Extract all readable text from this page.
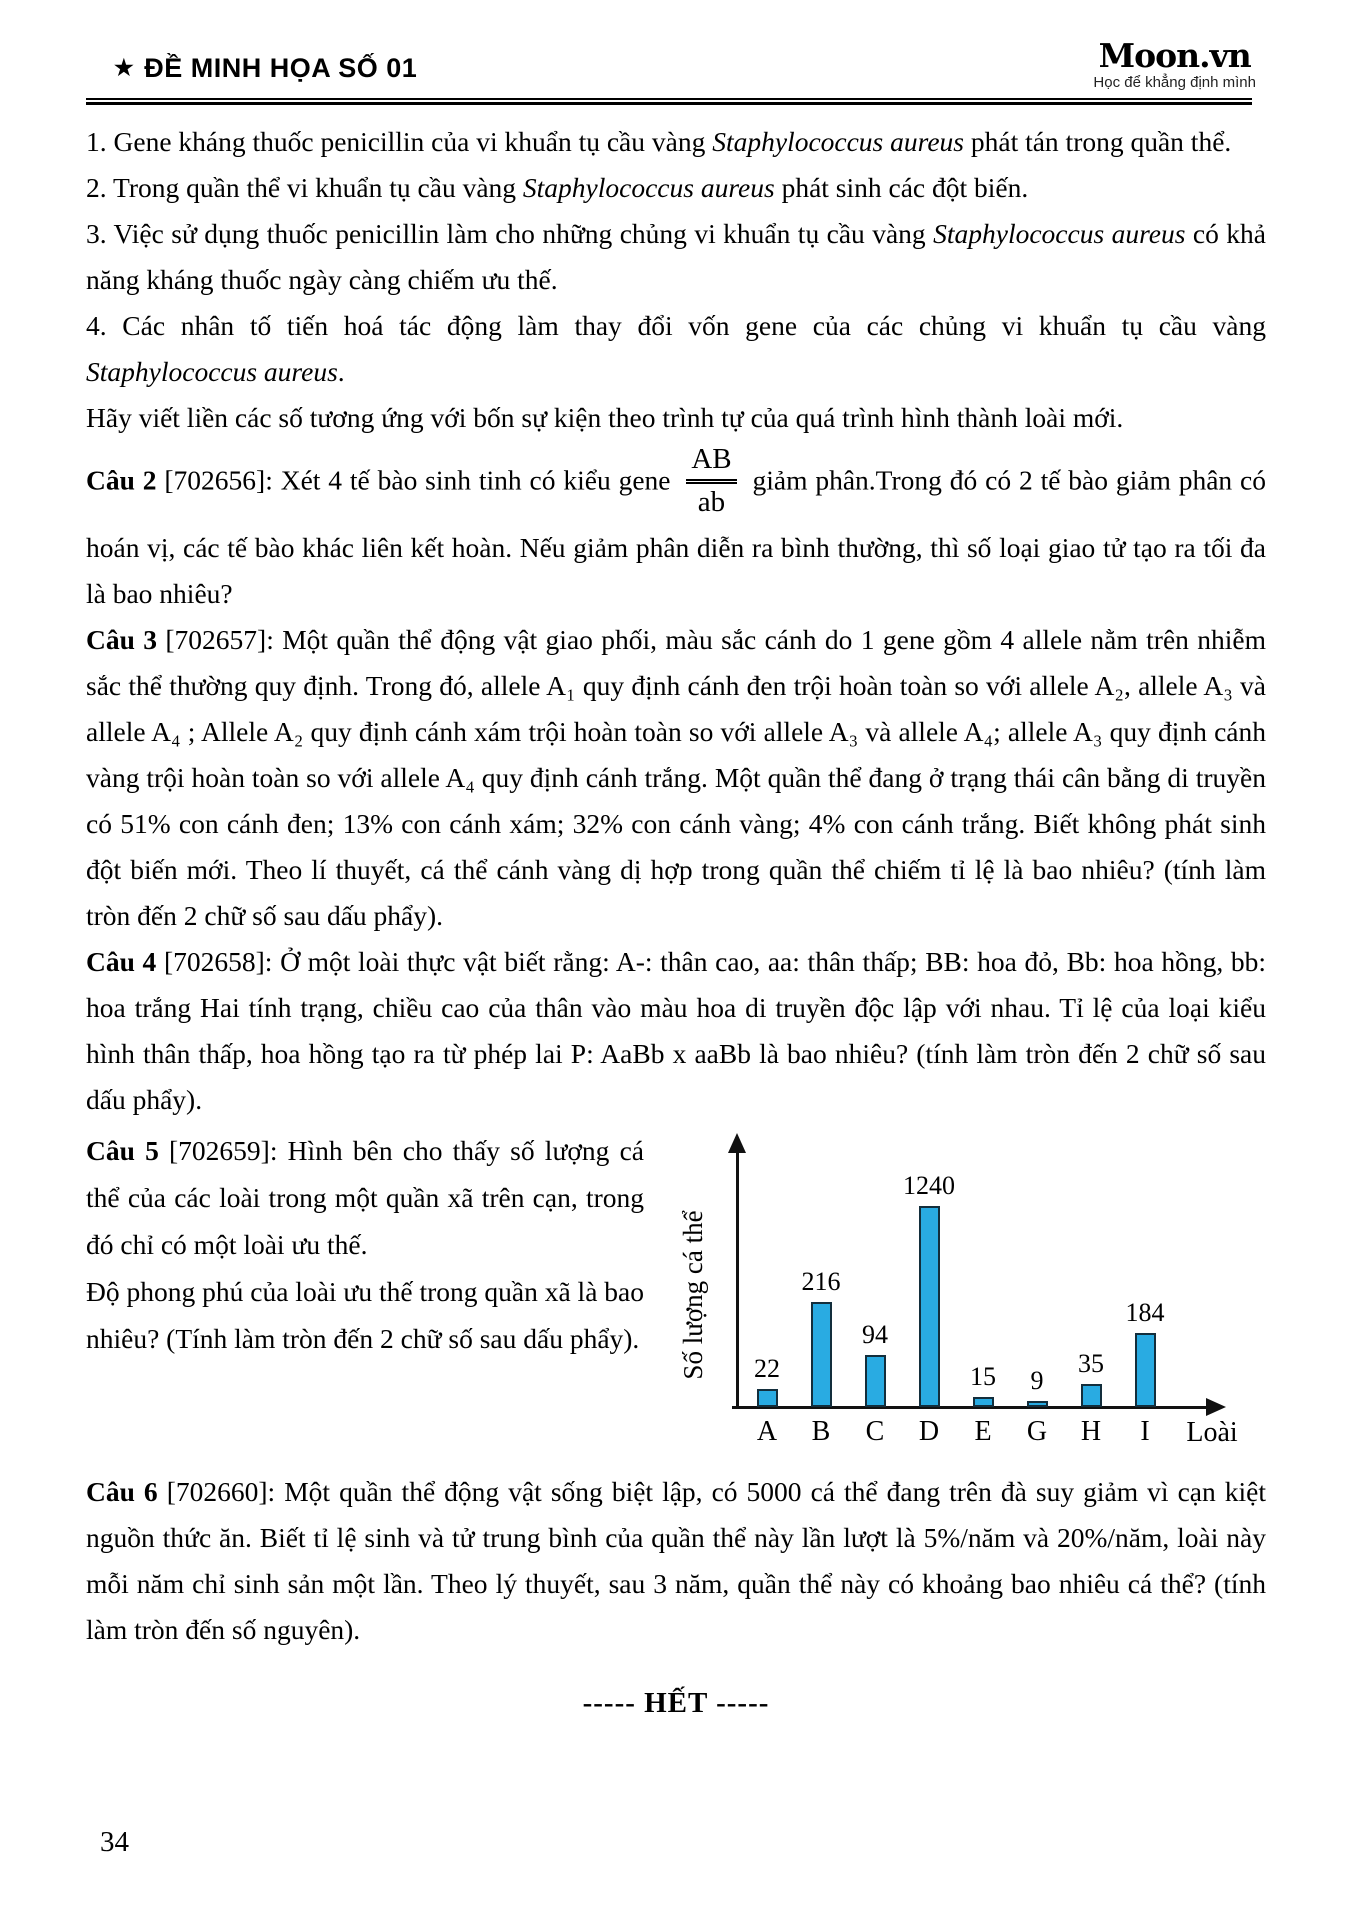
★ ĐỀ MINH HỌA SỐ 01	Moon.vn
Học để khẳng định mình

1. Gene kháng thuốc penicillin của vi khuẩn tụ cầu vàng Staphylococcus aureus phát tán trong quần thể.

2. Trong quần thể vi khuẩn tụ cầu vàng Staphylococcus aureus phát sinh các đột biến.

3. Việc sử dụng thuốc penicillin làm cho những chủng vi khuẩn tụ cầu vàng Staphylococcus aureus có khả năng kháng thuốc ngày càng chiếm ưu thế.

4. Các nhân tố tiến hoá tác động làm thay đổi vốn gene của các chủng vi khuẩn tụ cầu vàng Staphylococcus aureus.

Hãy viết liền các số tương ứng với bốn sự kiện theo trình tự của quá trình hình thành loài mới.

Câu 2 [702656]: Xét 4 tế bào sinh tinh có kiểu gene $\frac{AB}{ab}$ giảm phân.Trong đó có 2 tế bào giảm phân có hoán vị, các tế bào khác liên kết hoàn. Nếu giảm phân diễn ra bình thường, thì số loại giao tử tạo ra tối đa là bao nhiêu?

Câu 3 [702657]: Một quần thể động vật giao phối, màu sắc cánh do 1 gene gồm 4 allele nằm trên nhiễm sắc thể thường quy định. Trong đó, allele A₁ quy định cánh đen trội hoàn toàn so với allele A₂, allele A₃ và allele A₄ ; Allele A₂ quy định cánh xám trội hoàn toàn so với allele A₃ và allele A₄; allele A₃ quy định cánh vàng trội hoàn toàn so với allele A₄ quy định cánh trắng. Một quần thể đang ở trạng thái cân bằng di truyền có 51% con cánh đen; 13% con cánh xám; 32% con cánh vàng; 4% con cánh trắng. Biết không phát sinh đột biến mới. Theo lí thuyết, cá thể cánh vàng dị hợp trong quần thể chiếm tỉ lệ là bao nhiêu? (tính làm tròn đến 2 chữ số sau dấu phẩy).

Câu 4 [702658]: Ở một loài thực vật biết rằng: A-: thân cao, aa: thân thấp; BB: hoa đỏ, Bb: hoa hồng, bb: hoa trắng Hai tính trạng, chiều cao của thân vào màu hoa di truyền độc lập với nhau. Tỉ lệ của loại kiểu hình thân thấp, hoa hồng tạo ra từ phép lai P: AaBb x aaBb là bao nhiêu? (tính làm tròn đến 2 chữ số sau dấu phẩy).

Câu 5 [702659]: Hình bên cho thấy số lượng cá thể của các loài trong một quần xã trên cạn, trong đó chỉ có một loài ưu thế.

Độ phong phú của loài ưu thế trong quần xã là bao nhiêu? (Tính làm tròn đến 2 chữ số sau dấu phẩy). Số lượng cá thể
Loài
22
A
216
B
94
C
1240
D
15
E
9
G
35
H
184
I

Câu 6 [702660]: Một quần thể động vật sống biệt lập, có 5000 cá thể đang trên đà suy giảm vì cạn kiệt nguồn thức ăn. Biết tỉ lệ sinh và tử trung bình của quần thể này lần lượt là 5%/năm và 20%/năm, loài này mỗi năm chỉ sinh sản một lần. Theo lý thuyết, sau 3 năm, quần thể này có khoảng bao nhiêu cá thể? (tính làm tròn đến số nguyên).

----- HẾT -----
34
